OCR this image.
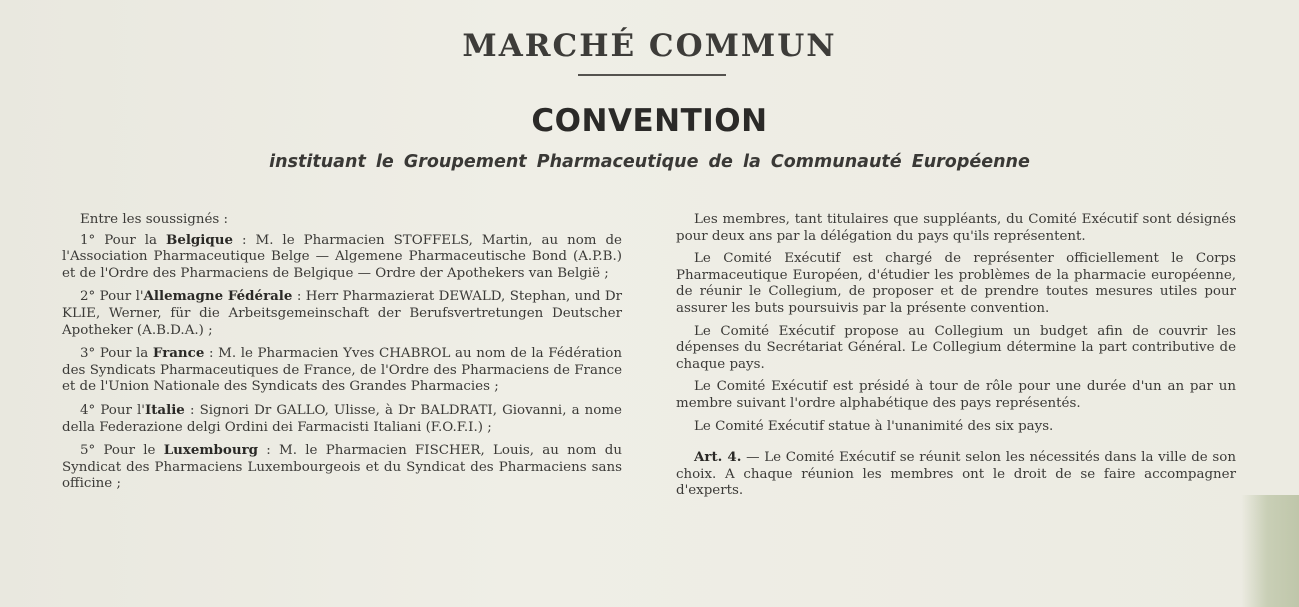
MARCHÉ COMMUN
CONVENTION
instituant le Groupement Pharmaceutique de la Communauté Européenne

Entre les soussignés :

1° Pour la Belgique : M. le Pharmacien STOFFELS, Martin, au nom de l'Association Pharmaceutique Belge — Algemene Pharmaceutische Bond (A.P.B.) et de l'Ordre des Pharmaciens de Belgique — Ordre der Apothekers van België ;

2° Pour l'Allemagne Fédérale : Herr Pharmazierat DEWALD, Stephan, und Dr KLIE, Werner, für die Arbeitsgemeinschaft der Berufsvertretungen Deutscher Apotheker (A.B.D.A.) ;

3° Pour la France : M. le Pharmacien Yves CHABROL au nom de la Fédération des Syndicats Pharmaceutiques de France, de l'Ordre des Pharmaciens de France et de l'Union Nationale des Syndicats des Grandes Pharmacies ;

4° Pour l'Italie : Signori Dr GALLO, Ulisse, à Dr BALDRATI, Giovanni, a nome della Federazione delgi Ordini dei Farmacisti Italiani (F.O.F.I.) ;

5° Pour le Luxembourg : M. le Pharmacien FISCHER, Louis, au nom du Syndicat des Pharmaciens Luxembourgeois et du Syndicat des Pharmaciens sans officine ;

Les membres, tant titulaires que suppléants, du Comité Exécutif sont désignés pour deux ans par la délégation du pays qu'ils représentent.

Le Comité Exécutif est chargé de représenter officiellement le Corps Pharmaceutique Européen, d'étudier les problèmes de la pharmacie européenne, de réunir le Collegium, de proposer et de prendre toutes mesures utiles pour assurer les buts poursuivis par la présente convention.

Le Comité Exécutif propose au Collegium un budget afin de couvrir les dépenses du Secrétariat Général. Le Collegium détermine la part contributive de chaque pays.

Le Comité Exécutif est présidé à tour de rôle pour une durée d'un an par un membre suivant l'ordre alphabétique des pays représentés.

Le Comité Exécutif statue à l'unanimité des six pays.

Art. 4. — Le Comité Exécutif se réunit selon les nécessités dans la ville de son choix. A chaque réunion les membres ont le droit de se faire accompagner d'experts.
